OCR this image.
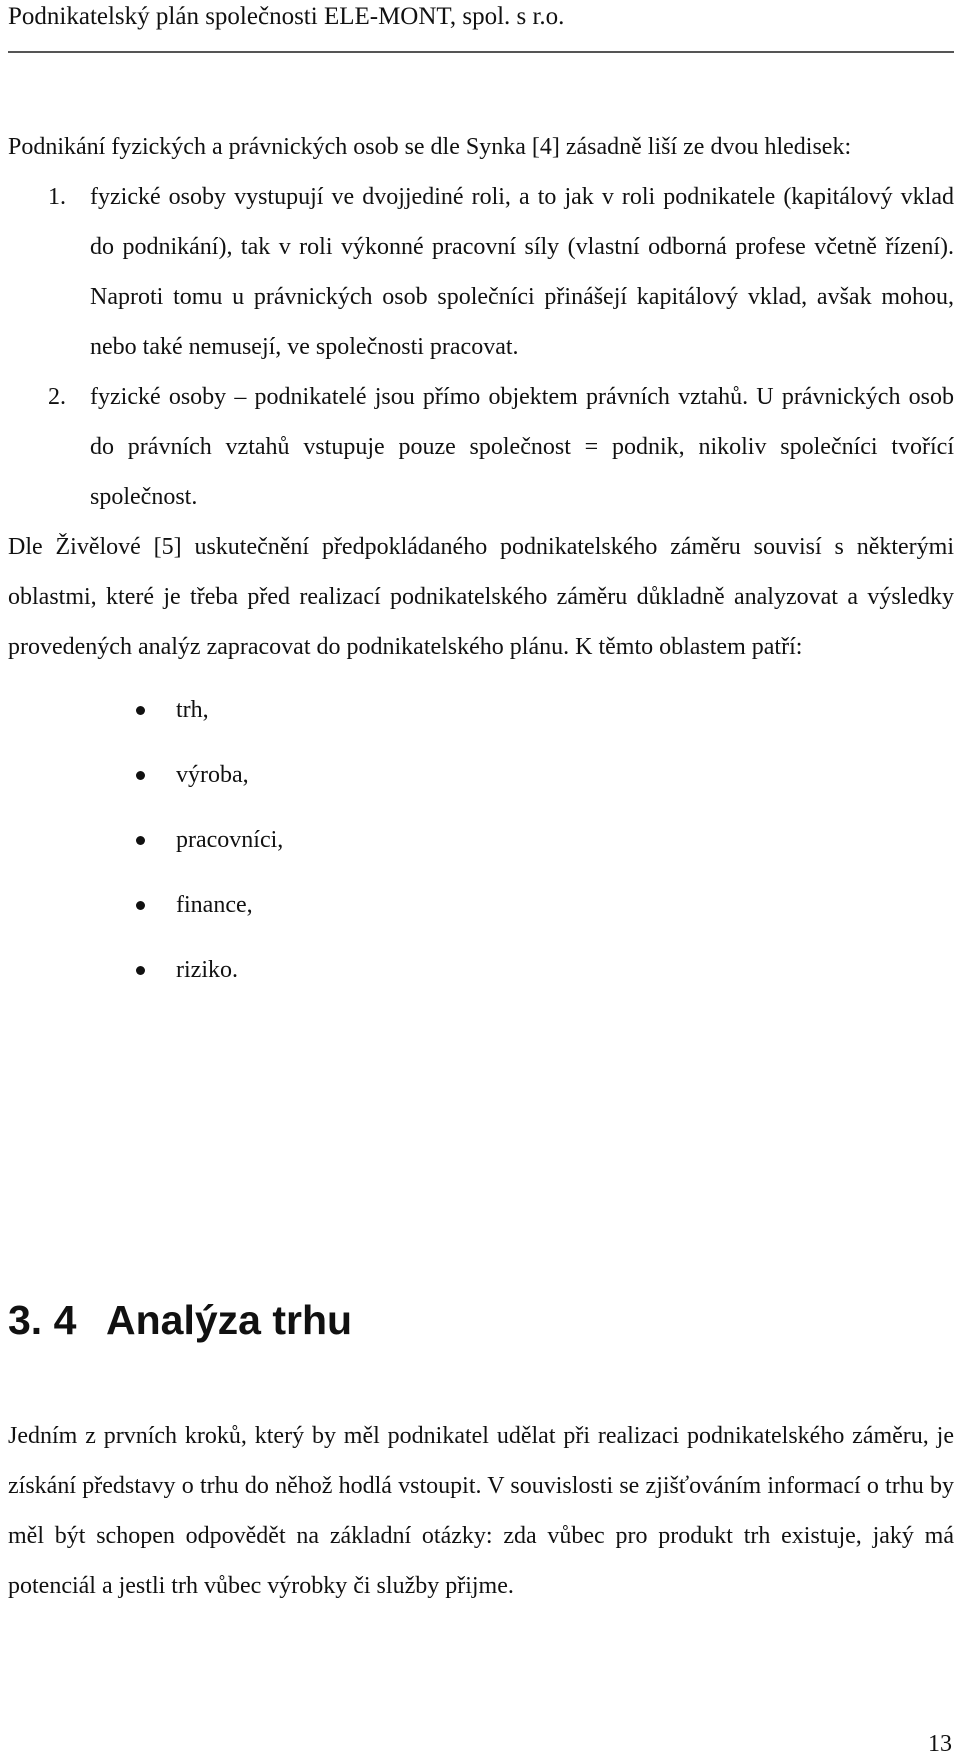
Podnikatelský plán společnosti ELE-MONT, spol. s r.o.

Podnikání fyzických a právnických osob se dle Synka [4] zásadně liší ze dvou hledisek:

1. fyzické osoby vystupují ve dvojjediné roli, a to jak v roli podnikatele (kapitálový vklad do podnikání), tak v roli výkonné pracovní síly (vlastní odborná profese včetně řízení). Naproti tomu u právnických osob společníci přinášejí kapitálový vklad, avšak mohou, nebo také nemusejí, ve společnosti pracovat.
2. fyzické osoby – podnikatelé jsou přímo objektem právních vztahů. U právnických osob do právních vztahů vstupuje pouze společnost = podnik, nikoliv společníci tvořící společnost.

Dle Živělové [5] uskutečnění předpokládaného podnikatelského záměru souvisí s některými oblastmi, které je třeba před realizací podnikatelského záměru důkladně analyzovat a výsledky provedených analýz zapracovat do podnikatelského plánu. K těmto oblastem patří:

trh,
výroba,
pracovníci,
finance,
riziko.
3. 4 Analýza trhu

Jedním z prvních kroků, který by měl podnikatel udělat při realizaci podnikatelského záměru, je získání představy o trhu do něhož hodlá vstoupit. V souvislosti se zjišťováním informací o trhu by měl být schopen odpovědět na základní otázky: zda vůbec pro produkt trh existuje, jaký má potenciál a jestli trh vůbec výrobky či služby přijme.

13
